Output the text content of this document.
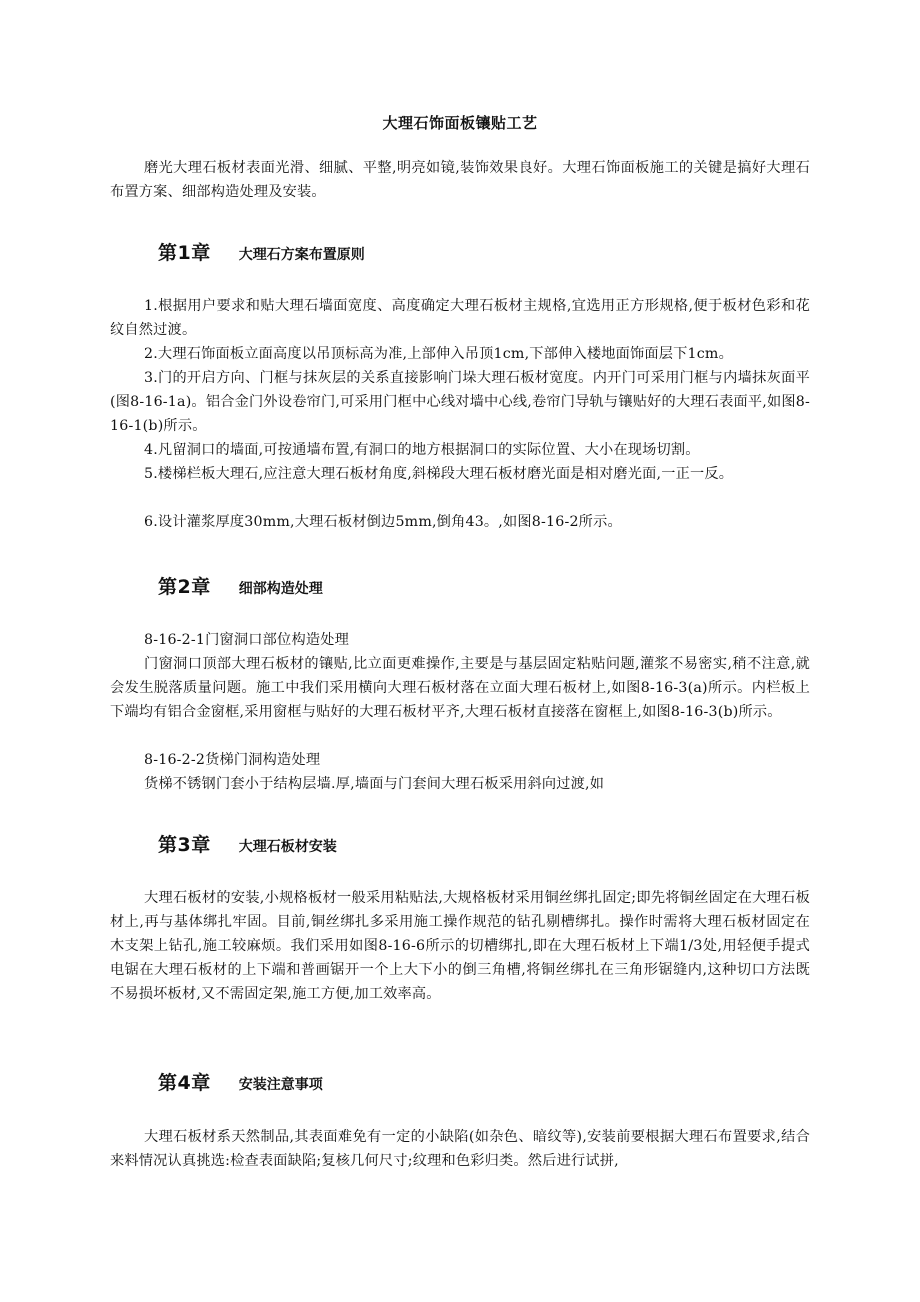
大理石饰面板镶贴工艺
磨光大理石板材表面光滑、细腻、平整,明亮如镜,装饰效果良好。大理石饰面板施工的关键是搞好大理石布置方案、细部构造处理及安装。
第1章 大理石方案布置原则
1.根据用户要求和贴大理石墙面宽度、高度确定大理石板材主规格,宜选用正方形规格,便于板材色彩和花纹自然过渡。
2.大理石饰面板立面高度以吊顶标高为准,上部伸入吊顶1cm,下部伸入楼地面饰面层下1cm。
3.门的开启方向、门框与抹灰层的关系直接影响门垛大理石板材宽度。内开门可采用门框与内墙抹灰面平(图8-16-1a)。铝合金门外设卷帘门,可采用门框中心线对墙中心线,卷帘门导轨与镶贴好的大理石表面平,如图8-16-1(b)所示。
4.凡留洞口的墙面,可按通墙布置,有洞口的地方根据洞口的实际位置、大小在现场切割。
5.楼梯栏板大理石,应注意大理石板材角度,斜梯段大理石板材磨光面是相对磨光面,一正一反。
6.设计灌浆厚度30mm,大理石板材倒边5mm,倒角43。,如图8-16-2所示。
第2章 细部构造处理
8-16-2-1门窗洞口部位构造处理
门窗洞口顶部大理石板材的镶贴,比立面更难操作,主要是与基层固定粘贴问题,灌浆不易密实,稍不注意,就会发生脱落质量问题。施工中我们采用横向大理石板材落在立面大理石板材上,如图8-16-3(a)所示。内栏板上下端均有铝合金窗框,采用窗框与贴好的大理石板材平齐,大理石板材直接落在窗框上,如图8-16-3(b)所示。
8-16-2-2货梯门洞构造处理
货梯不锈钢门套小于结构层墙.厚,墙面与门套间大理石板采用斜向过渡,如
第3章 大理石板材安装
大理石板材的安装,小规格板材一般采用粘贴法,大规格板材采用铜丝绑扎固定;即先将铜丝固定在大理石板材上,再与基体绑扎牢固。目前,铜丝绑扎多采用施工操作规范的钻孔剔槽绑扎。操作时需将大理石板材固定在木支架上钻孔,施工较麻烦。我们采用如图8-16-6所示的切槽绑扎,即在大理石板材上下端1/3处,用轻便手提式电锯在大理石板材的上下端和普画锯开一个上大下小的倒三角槽,将铜丝绑扎在三角形锯缝内,这种切口方法既不易损坏板材,又不需固定架,施工方便,加工效率高。
第4章 安装注意事项
大理石板材系天然制品,其表面难免有一定的小缺陷(如杂色、暗纹等),安装前要根据大理石布置要求,结合来料情况认真挑选:检查表面缺陷;复核几何尺寸;纹理和色彩归类。然后进行试拼,
